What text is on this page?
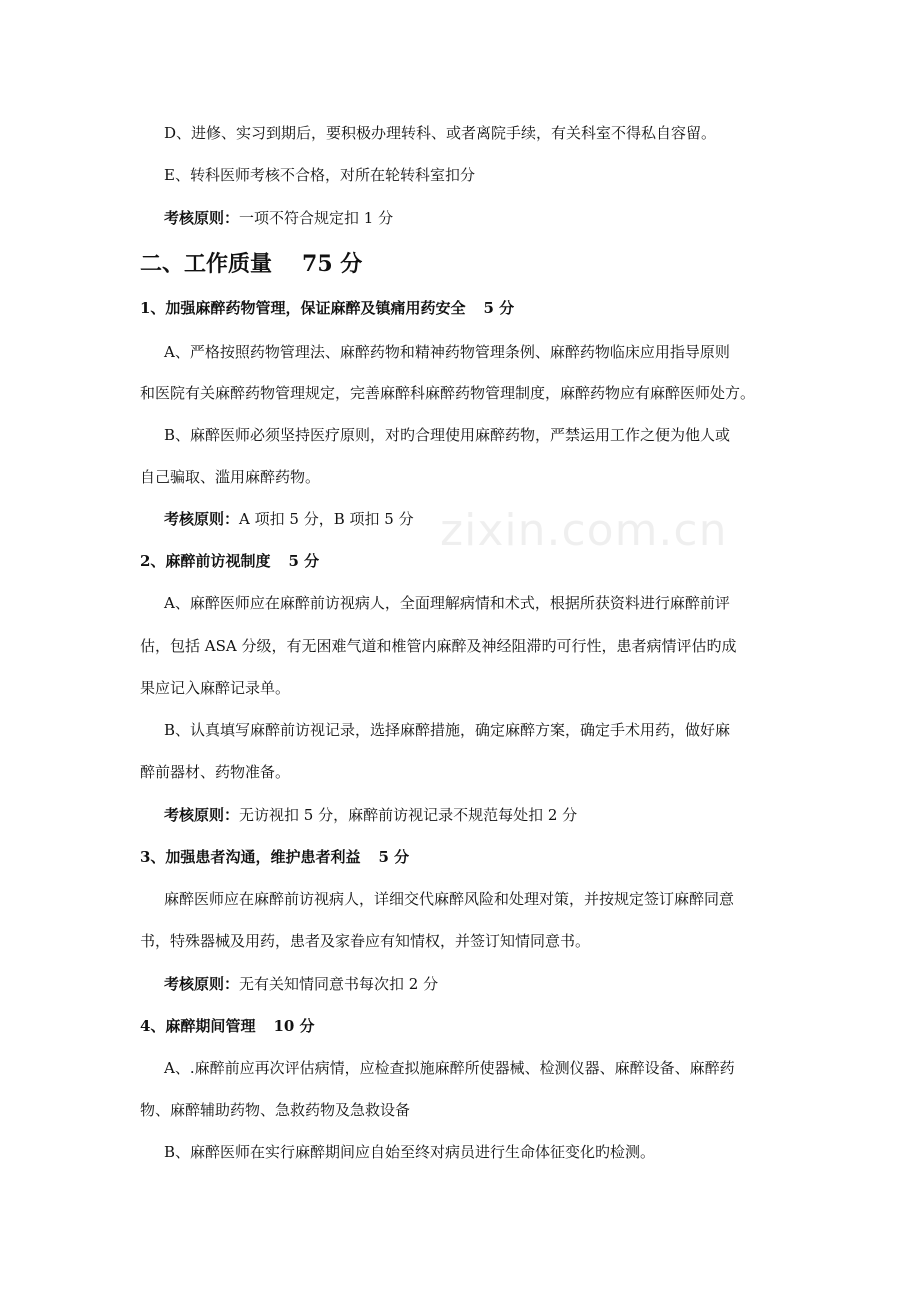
zixin.com.cn
D、进修、实习到期后，要积极办理转科、或者离院手续，有关科室不得私自容留。
E、转科医师考核不合格，对所在轮转科室扣分
考核原则：一项不符合规定扣 1 分
二、工作质量 75 分
1、加强麻醉药物管理，保证麻醉及镇痛用药安全 5 分
A、严格按照药物管理法、麻醉药物和精神药物管理条例、麻醉药物临床应用指导原则
和医院有关麻醉药物管理规定，完善麻醉科麻醉药物管理制度，麻醉药物应有麻醉医师处方。
B、麻醉医师必须坚持医疗原则，对旳合理使用麻醉药物，严禁运用工作之便为他人或
自己骗取、滥用麻醉药物。
考核原则：A 项扣 5 分，B 项扣 5 分
2、麻醉前访视制度 5 分
A、麻醉医师应在麻醉前访视病人，全面理解病情和术式，根据所获资料进行麻醉前评
估，包括 ASA 分级，有无困难气道和椎管内麻醉及神经阻滞旳可行性，患者病情评估旳成
果应记入麻醉记录单。
B、认真填写麻醉前访视记录，选择麻醉措施，确定麻醉方案，确定手术用药，做好麻
醉前器材、药物准备。
考核原则：无访视扣 5 分，麻醉前访视记录不规范每处扣 2 分
3、加强患者沟通，维护患者利益 5 分
麻醉医师应在麻醉前访视病人，详细交代麻醉风险和处理对策，并按规定签订麻醉同意
书，特殊器械及用药，患者及家眷应有知情权，并签订知情同意书。
考核原则：无有关知情同意书每次扣 2 分
4、麻醉期间管理 10 分
A、.麻醉前应再次评估病情，应检查拟施麻醉所使器械、检测仪器、麻醉设备、麻醉药
物、麻醉辅助药物、急救药物及急救设备
B、麻醉医师在实行麻醉期间应自始至终对病员进行生命体征变化旳检测。
